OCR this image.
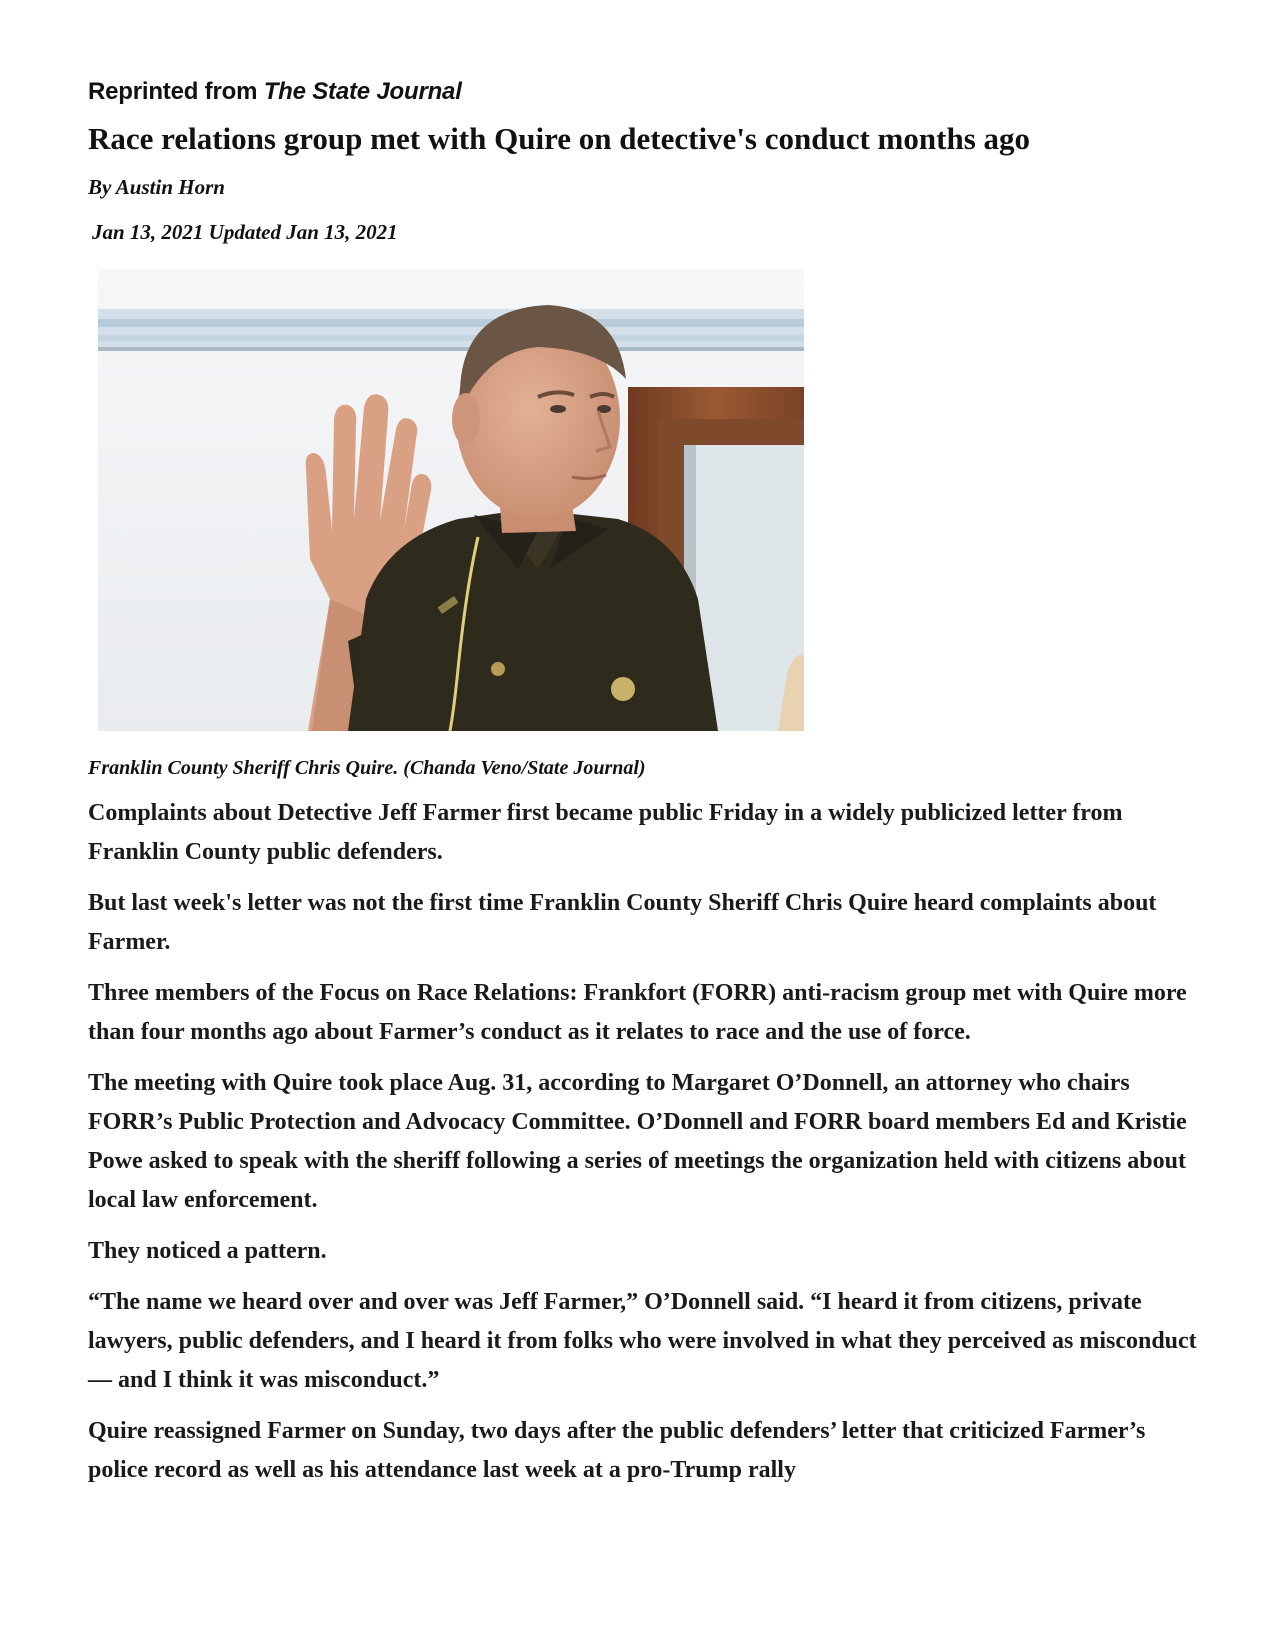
Reprinted from The State Journal
Race relations group met with Quire on detective's conduct months ago
By Austin Horn
Jan 13, 2021 Updated Jan 13, 2021
Franklin County Sheriff Chris Quire. (Chanda Veno/State Journal)

Complaints about Detective Jeff Farmer first became public Friday in a widely publicized letter from Franklin County public defenders.

But last week's letter was not the first time Franklin County Sheriff Chris Quire heard complaints about Farmer.

Three members of the Focus on Race Relations: Frankfort (FORR) anti-racism group met with Quire more than four months ago about Farmer’s conduct as it relates to race and the use of force.

The meeting with Quire took place Aug. 31, according to Margaret O’Donnell, an attorney who chairs FORR’s Public Protection and Advocacy Committee. O’Donnell and FORR board members Ed and Kristie Powe asked to speak with the sheriff following a series of meetings the organization held with citizens about local law enforcement.

They noticed a pattern.

“The name we heard over and over was Jeff Farmer,” O’Donnell said. “I heard it from citizens, private lawyers, public defenders, and I heard it from folks who were involved in what they perceived as misconduct — and I think it was misconduct.”

Quire reassigned Farmer on Sunday, two days after the public defenders’ letter that criticized Farmer’s police record as well as his attendance last week at a pro-Trump rally
